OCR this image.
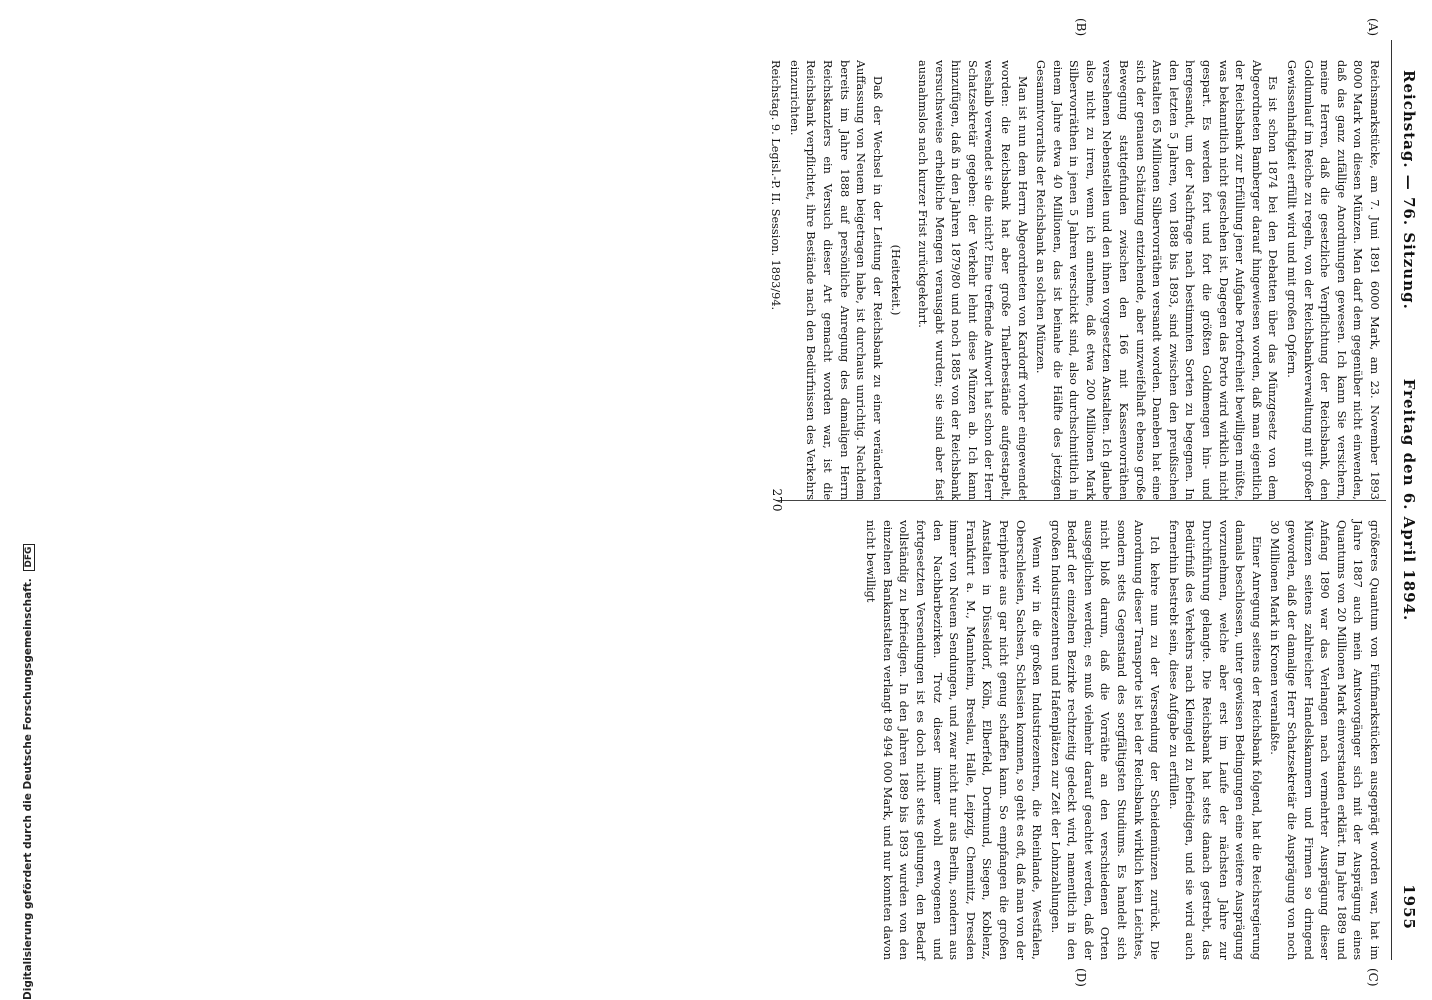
Digitalisierung gefördert durch die Deutsche Forschungsgemeinschaft. DFG
Reichstag. — 76. Sitzung.
Freitag den 6. April 1894.
1955
(A)
(B)
(C)
(D)

Reichsmarkstücke, am 7. Juni 1891 6000 Mark, am 23. November 1893 8000 Mark von diesen Münzen. Man darf dem gegenüber nicht einwenden, daß das ganz zufällige Anordnungen gewesen. Ich kann Sie versichern, meine Herren, daß die gesetzliche Verpflichtung der Reichsbank, den Goldumlauf im Reiche zu regeln, von der Reichsbankverwaltung mit großer Gewissenhaftigkeit erfüllt wird und mit großen Opfern.

Es ist schon 1874 bei den Debatten über das Münzgesetz von dem Abgeordneten Bamberger darauf hingewiesen worden, daß man eigentlich der Reichsbank zur Erfüllung jener Aufgabe Portofreiheit bewilligen müßte, was bekanntlich nicht geschehen ist. Dagegen das Porto wird wirklich nicht gespart. Es werden fort und fort die größten Goldmengen hin- und hergesandt, um der Nachfrage nach bestimmten Sorten zu begegnen. In den letzten 5 Jahren, von 1888 bis 1893, sind zwischen den preußischen Anstalten 65 Millionen Silbervorräthen versandt worden. Daneben hat eine sich der genauen Schätzung entziehende, aber unzweifelhaft ebenso große Bewegung stattgefunden zwischen den 166 mit Kassenvorräthen versehenen Nebenstellen und den ihnen vorgesetzten Anstalten. Ich glaube also nicht zu irren, wenn ich annehme, daß etwa 200 Millionen Mark Silbervorräthen in jenen 5 Jahren verschickt sind, also durchschnittlich in einem Jahre etwa 40 Millionen, das ist beinahe die Hälfte des jetzigen Gesammtvorraths der Reichsbank an solchen Münzen.

Man ist nun dem Herrn Abgeordneten von Kardorff vorher eingewendet worden: die Reichsbank hat aber große Thalerbestände aufgestapelt, weshalb verwendet sie die nicht? Eine treffende Antwort hat schon der Herr Schatzsekretär gegeben: der Verkehr lehnt diese Münzen ab. Ich kann hinzufügen, daß in den Jahren 1879/80 und noch 1885 von der Reichsbank versuchsweise erhebliche Mengen verausgabt wurden; sie sind aber fast ausnahmslos nach kurzer Frist zurückgekehrt.

(Heiterkeit.)

Daß der Wechsel in der Leitung der Reichsbank zu einer veränderten Auffassung von Neuem beigetragen habe, ist durchaus unrichtig. Nachdem bereits im Jahre 1888 auf persönliche Anregung des damaligen Herrn Reichskanzlers ein Versuch dieser Art gemacht worden war, ist die Reichsbank verpflichtet, ihre Bestände nach den Bedürfnissen des Verkehrs einzurichten.

Reichstag. 9. Legisl.-P. II. Session. 1893/94.

größeres Quantum von Fünfmarkstücken ausgeprägt worden war, hat im Jahre 1887 auch mein Amtsvorgänger sich mit der Ausprägung eines Quantums von 20 Millionen Mark einverstanden erklärt. Im Jahre 1889 und Anfang 1890 war das Verlangen nach vermehrter Ausprägung dieser Münzen seitens zahlreicher Handelskammern und Firmen so dringend geworden, daß der damalige Herr Schatzsekretär die Ausprägung von noch 30 Millionen Mark in Kronen veranlaßte.

Einer Anregung seitens der Reichsbank folgend, hat die Reichsregierung damals beschlossen, unter gewissen Bedingungen eine weitere Ausprägung vorzunehmen, welche aber erst im Laufe der nächsten Jahre zur Durchführung gelangte. Die Reichsbank hat stets danach gestrebt, das Bedürfniß des Verkehrs nach Kleingeld zu befriedigen, und sie wird auch fernerhin bestrebt sein, diese Aufgabe zu erfüllen.

Ich kehre nun zu der Versendung der Scheidemünzen zurück. Die Anordnung dieser Transporte ist bei der Reichsbank wirklich kein Leichtes, sondern stets Gegenstand des sorgfältigsten Studiums. Es handelt sich nicht bloß darum, daß die Vorräthe an den verschiedenen Orten ausgeglichen werden; es muß vielmehr darauf geachtet werden, daß der Bedarf der einzelnen Bezirke rechtzeitig gedeckt wird, namentlich in den großen Industriezentren und Hafenplätzen zur Zeit der Lohnzahlungen.

Wenn wir in die großen Industriezentren, die Rheinlande, Westfalen, Oberschlesien, Sachsen, Schlesien kommen, so geht es oft, daß man von der Peripherie aus gar nicht genug schaffen kann. So empfangen die großen Anstalten in Düsseldorf, Köln, Elberfeld, Dortmund, Siegen, Koblenz, Frankfurt a. M., Mannheim, Breslau, Halle, Leipzig, Chemnitz, Dresden immer von Neuem Sendungen, und zwar nicht nur aus Berlin, sondern aus den Nachbarbezirken. Trotz dieser immer wohl erwogenen und fortgesetzten Versendungen ist es doch nicht stets gelungen, den Bedarf vollständig zu befriedigen. In den Jahren 1889 bis 1893 wurden von den einzelnen Bankanstalten verlangt 89 494 000 Mark, und nur konnten davon nicht bewilligt

270
